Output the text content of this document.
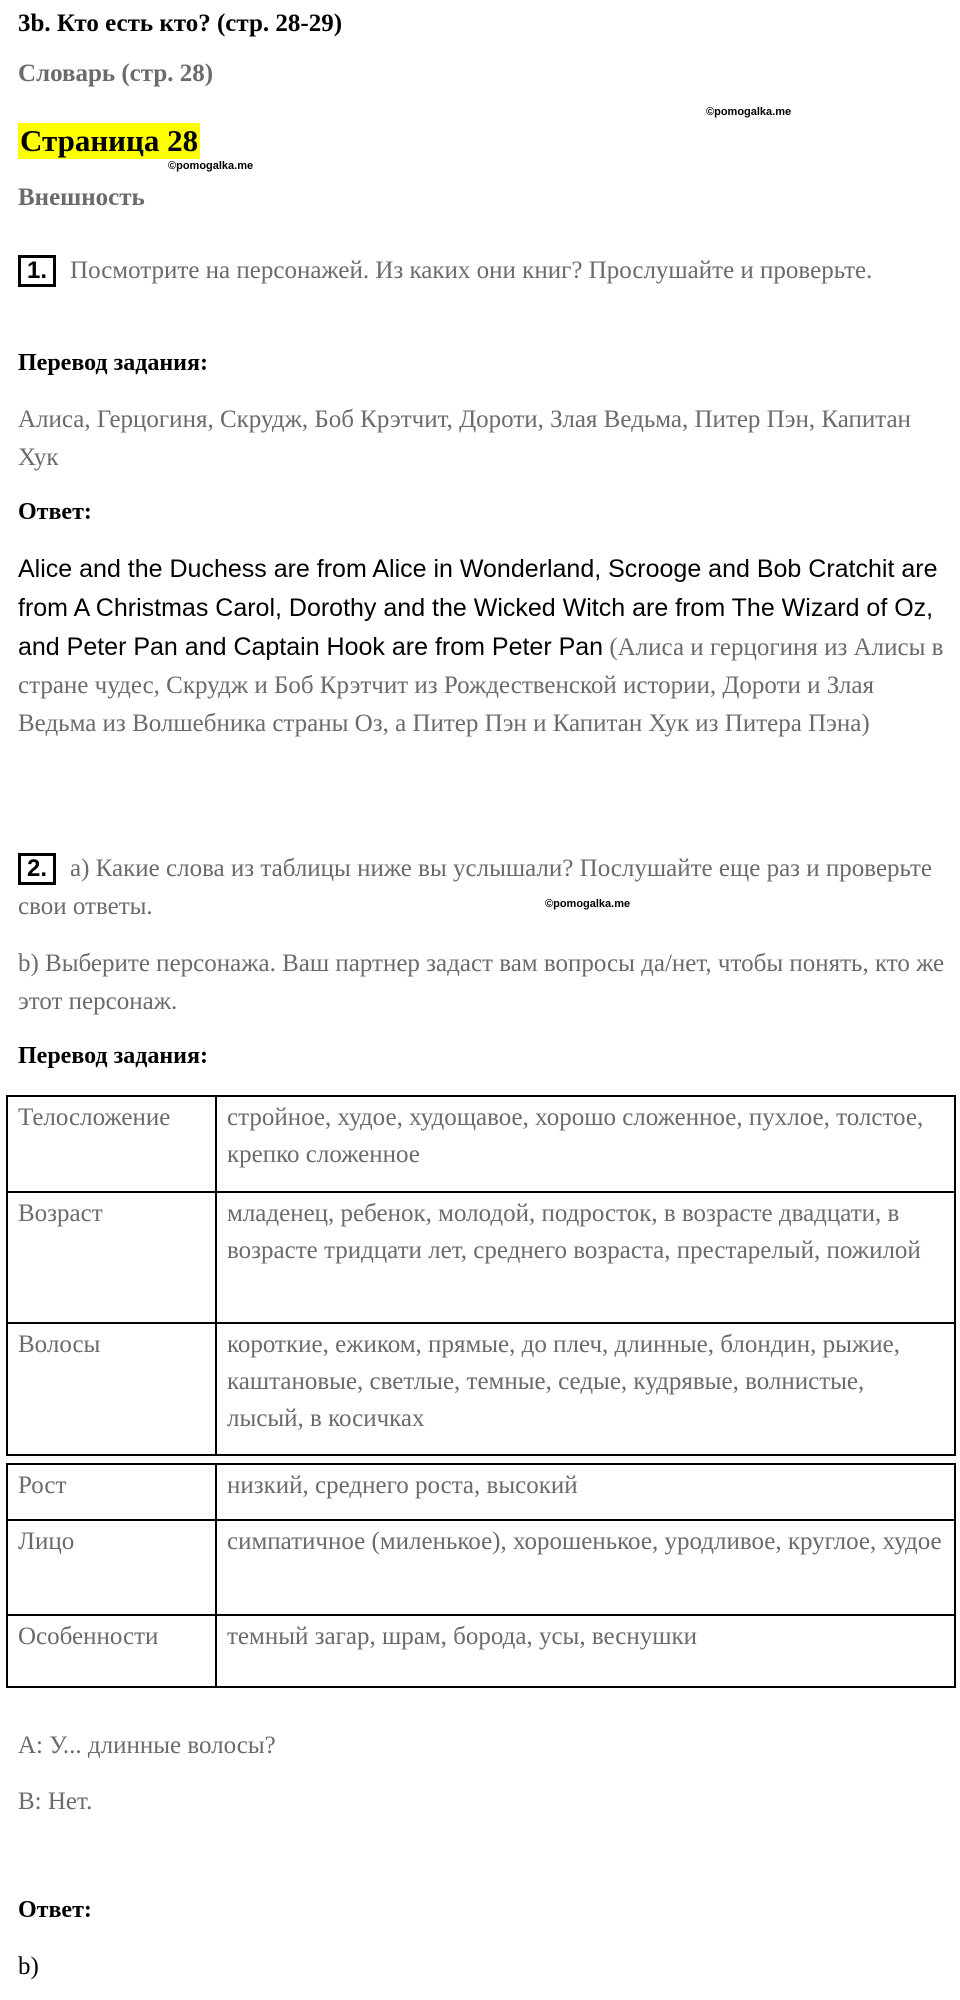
3b. Кто есть кто? (стр. 28-29)
Словарь (стр. 28)
©pomogalka.me
Страница 28
©pomogalka.me
Внешность
1. Посмотрите на персонажей. Из каких они книг? Прослушайте и проверьте.
Перевод задания:
Алиса, Герцогиня, Скрудж, Боб Крэтчит, Дороти, Злая Ведьма, Питер Пэн, Капитан Хук
Ответ:
Alice and the Duchess are from Alice in Wonderland, Scrooge and Bob Cratchit are from A Christmas Carol, Dorothy and the Wicked Witch are from The Wizard of Oz, and Peter Pan and Captain Hook are from Peter Pan (Алиса и герцогиня из Алисы в стране чудес, Скрудж и Боб Крэтчит из Рождественской истории, Дороти и Злая Ведьма из Волшебника страны Оз, а Питер Пэн и Капитан Хук из Питера Пэна)
2. a) Какие слова из таблицы ниже вы услышали? Послушайте еще раз и проверьте свои ответы.	©pomogalka.me
b) Выберите персонажа. Ваш партнер задаст вам вопросы да/нет, чтобы понять, кто же этот персонаж.
Перевод задания:
Телосложение	стройное, худое, худощавое, хорошо сложенное, пухлое, толстое, крепко сложенное
Возраст	младенец, ребенок, молодой, подросток, в возрасте двадцати, в возрасте тридцати лет, среднего возраста, престарелый, пожилой
Волосы	короткие, ежиком, прямые, до плеч, длинные, блондин, рыжие, каштановые, светлые, темные, седые, кудрявые, волнистые, лысый, в косичках
Рост	низкий, среднего роста, высокий
Лицо	симпатичное (миленькое), хорошенькое, уродливое, круглое, худое
Особенности	темный загар, шрам, борода, усы, веснушки
A: У... длинные волосы?
B: Нет.
Ответ:
b)
